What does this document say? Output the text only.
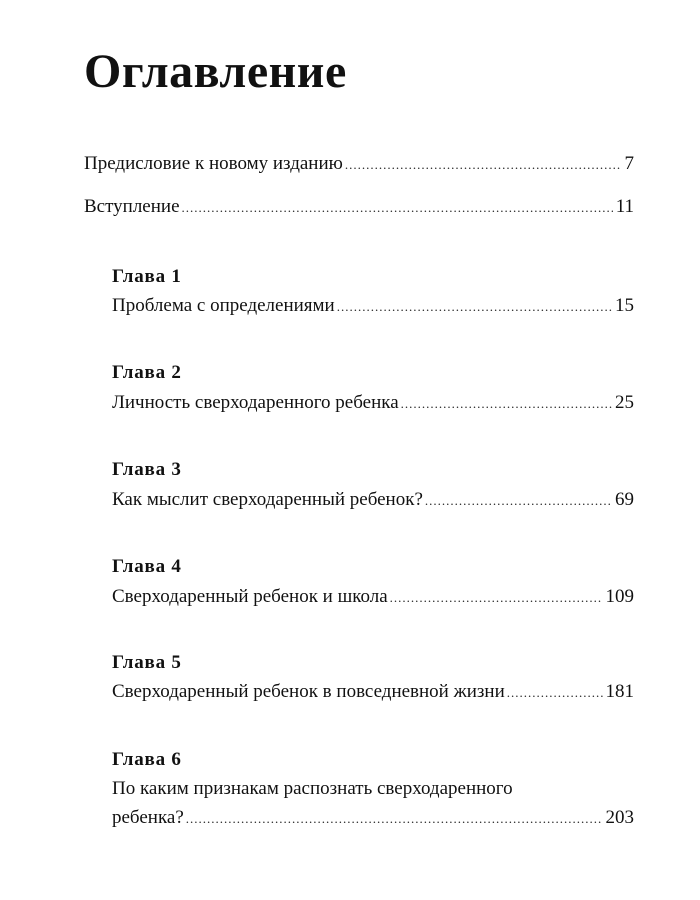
Оглавление
Предисловие к новому изданию .....	7
Вступление .....	11
Глава 1
Проблема с определениями .....	15
Глава 2
Личность сверходаренного ребенка .....	25
Глава 3
Как мыслит сверходаренный ребенок? .....	69
Глава 4
Сверходаренный ребенок и школа .....	109
Глава 5
Сверходаренный ребенок в повседневной жизни .....	181
Глава 6
По каким признакам распознать сверходаренного
ребенка? .....	203
